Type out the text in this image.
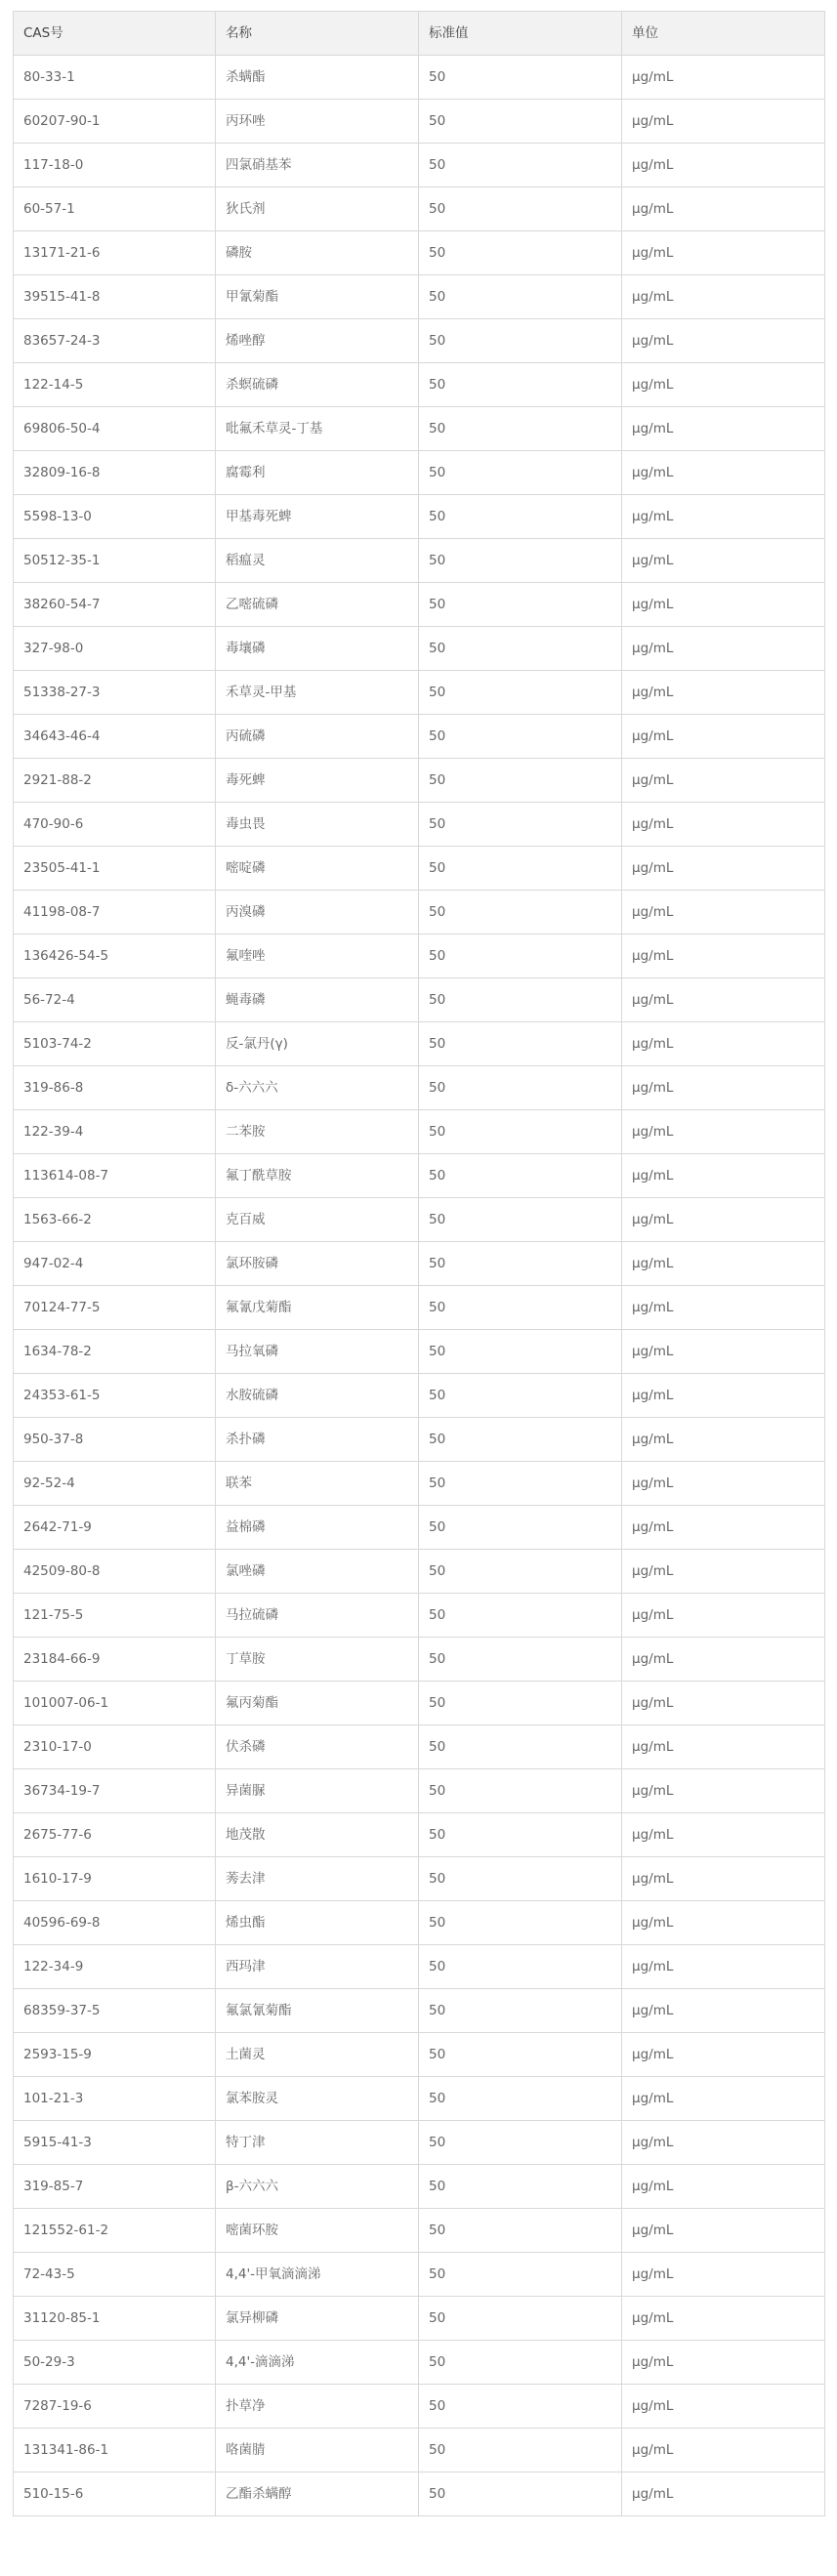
CAS号	名称	标准值	单位
80-33-1	杀螨酯	50	μg/mL
60207-90-1	丙环唑	50	μg/mL
117-18-0	四氯硝基苯	50	μg/mL
60-57-1	狄氏剂	50	μg/mL
13171-21-6	磷胺	50	μg/mL
39515-41-8	甲氰菊酯	50	μg/mL
83657-24-3	烯唑醇	50	μg/mL
122-14-5	杀螟硫磷	50	μg/mL
69806-50-4	吡氟禾草灵-丁基	50	μg/mL
32809-16-8	腐霉利	50	μg/mL
5598-13-0	甲基毒死蜱	50	μg/mL
50512-35-1	稻瘟灵	50	μg/mL
38260-54-7	乙嘧硫磷	50	μg/mL
327-98-0	毒壤磷	50	μg/mL
51338-27-3	禾草灵-甲基	50	μg/mL
34643-46-4	丙硫磷	50	μg/mL
2921-88-2	毒死蜱	50	μg/mL
470-90-6	毒虫畏	50	μg/mL
23505-41-1	嘧啶磷	50	μg/mL
41198-08-7	丙溴磷	50	μg/mL
136426-54-5	氟喹唑	50	μg/mL
56-72-4	蝇毒磷	50	μg/mL
5103-74-2	反-氯丹(γ)	50	μg/mL
319-86-8	δ-六六六	50	μg/mL
122-39-4	二苯胺	50	μg/mL
113614-08-7	氟丁酰草胺	50	μg/mL
1563-66-2	克百威	50	μg/mL
947-02-4	氯环胺磷	50	μg/mL
70124-77-5	氟氰戊菊酯	50	μg/mL
1634-78-2	马拉氧磷	50	μg/mL
24353-61-5	水胺硫磷	50	μg/mL
950-37-8	杀扑磷	50	μg/mL
92-52-4	联苯	50	μg/mL
2642-71-9	益棉磷	50	μg/mL
42509-80-8	氯唑磷	50	μg/mL
121-75-5	马拉硫磷	50	μg/mL
23184-66-9	丁草胺	50	μg/mL
101007-06-1	氟丙菊酯	50	μg/mL
2310-17-0	伏杀磷	50	μg/mL
36734-19-7	异菌脲	50	μg/mL
2675-77-6	地茂散	50	μg/mL
1610-17-9	莠去津	50	μg/mL
40596-69-8	烯虫酯	50	μg/mL
122-34-9	西玛津	50	μg/mL
68359-37-5	氟氯氰菊酯	50	μg/mL
2593-15-9	土菌灵	50	μg/mL
101-21-3	氯苯胺灵	50	μg/mL
5915-41-3	特丁津	50	μg/mL
319-85-7	β-六六六	50	μg/mL
121552-61-2	嘧菌环胺	50	μg/mL
72-43-5	4,4'-甲氧滴滴涕	50	μg/mL
31120-85-1	氯异柳磷	50	μg/mL
50-29-3	4,4'-滴滴涕	50	μg/mL
7287-19-6	扑草净	50	μg/mL
131341-86-1	咯菌腈	50	μg/mL
510-15-6	乙酯杀螨醇	50	μg/mL
